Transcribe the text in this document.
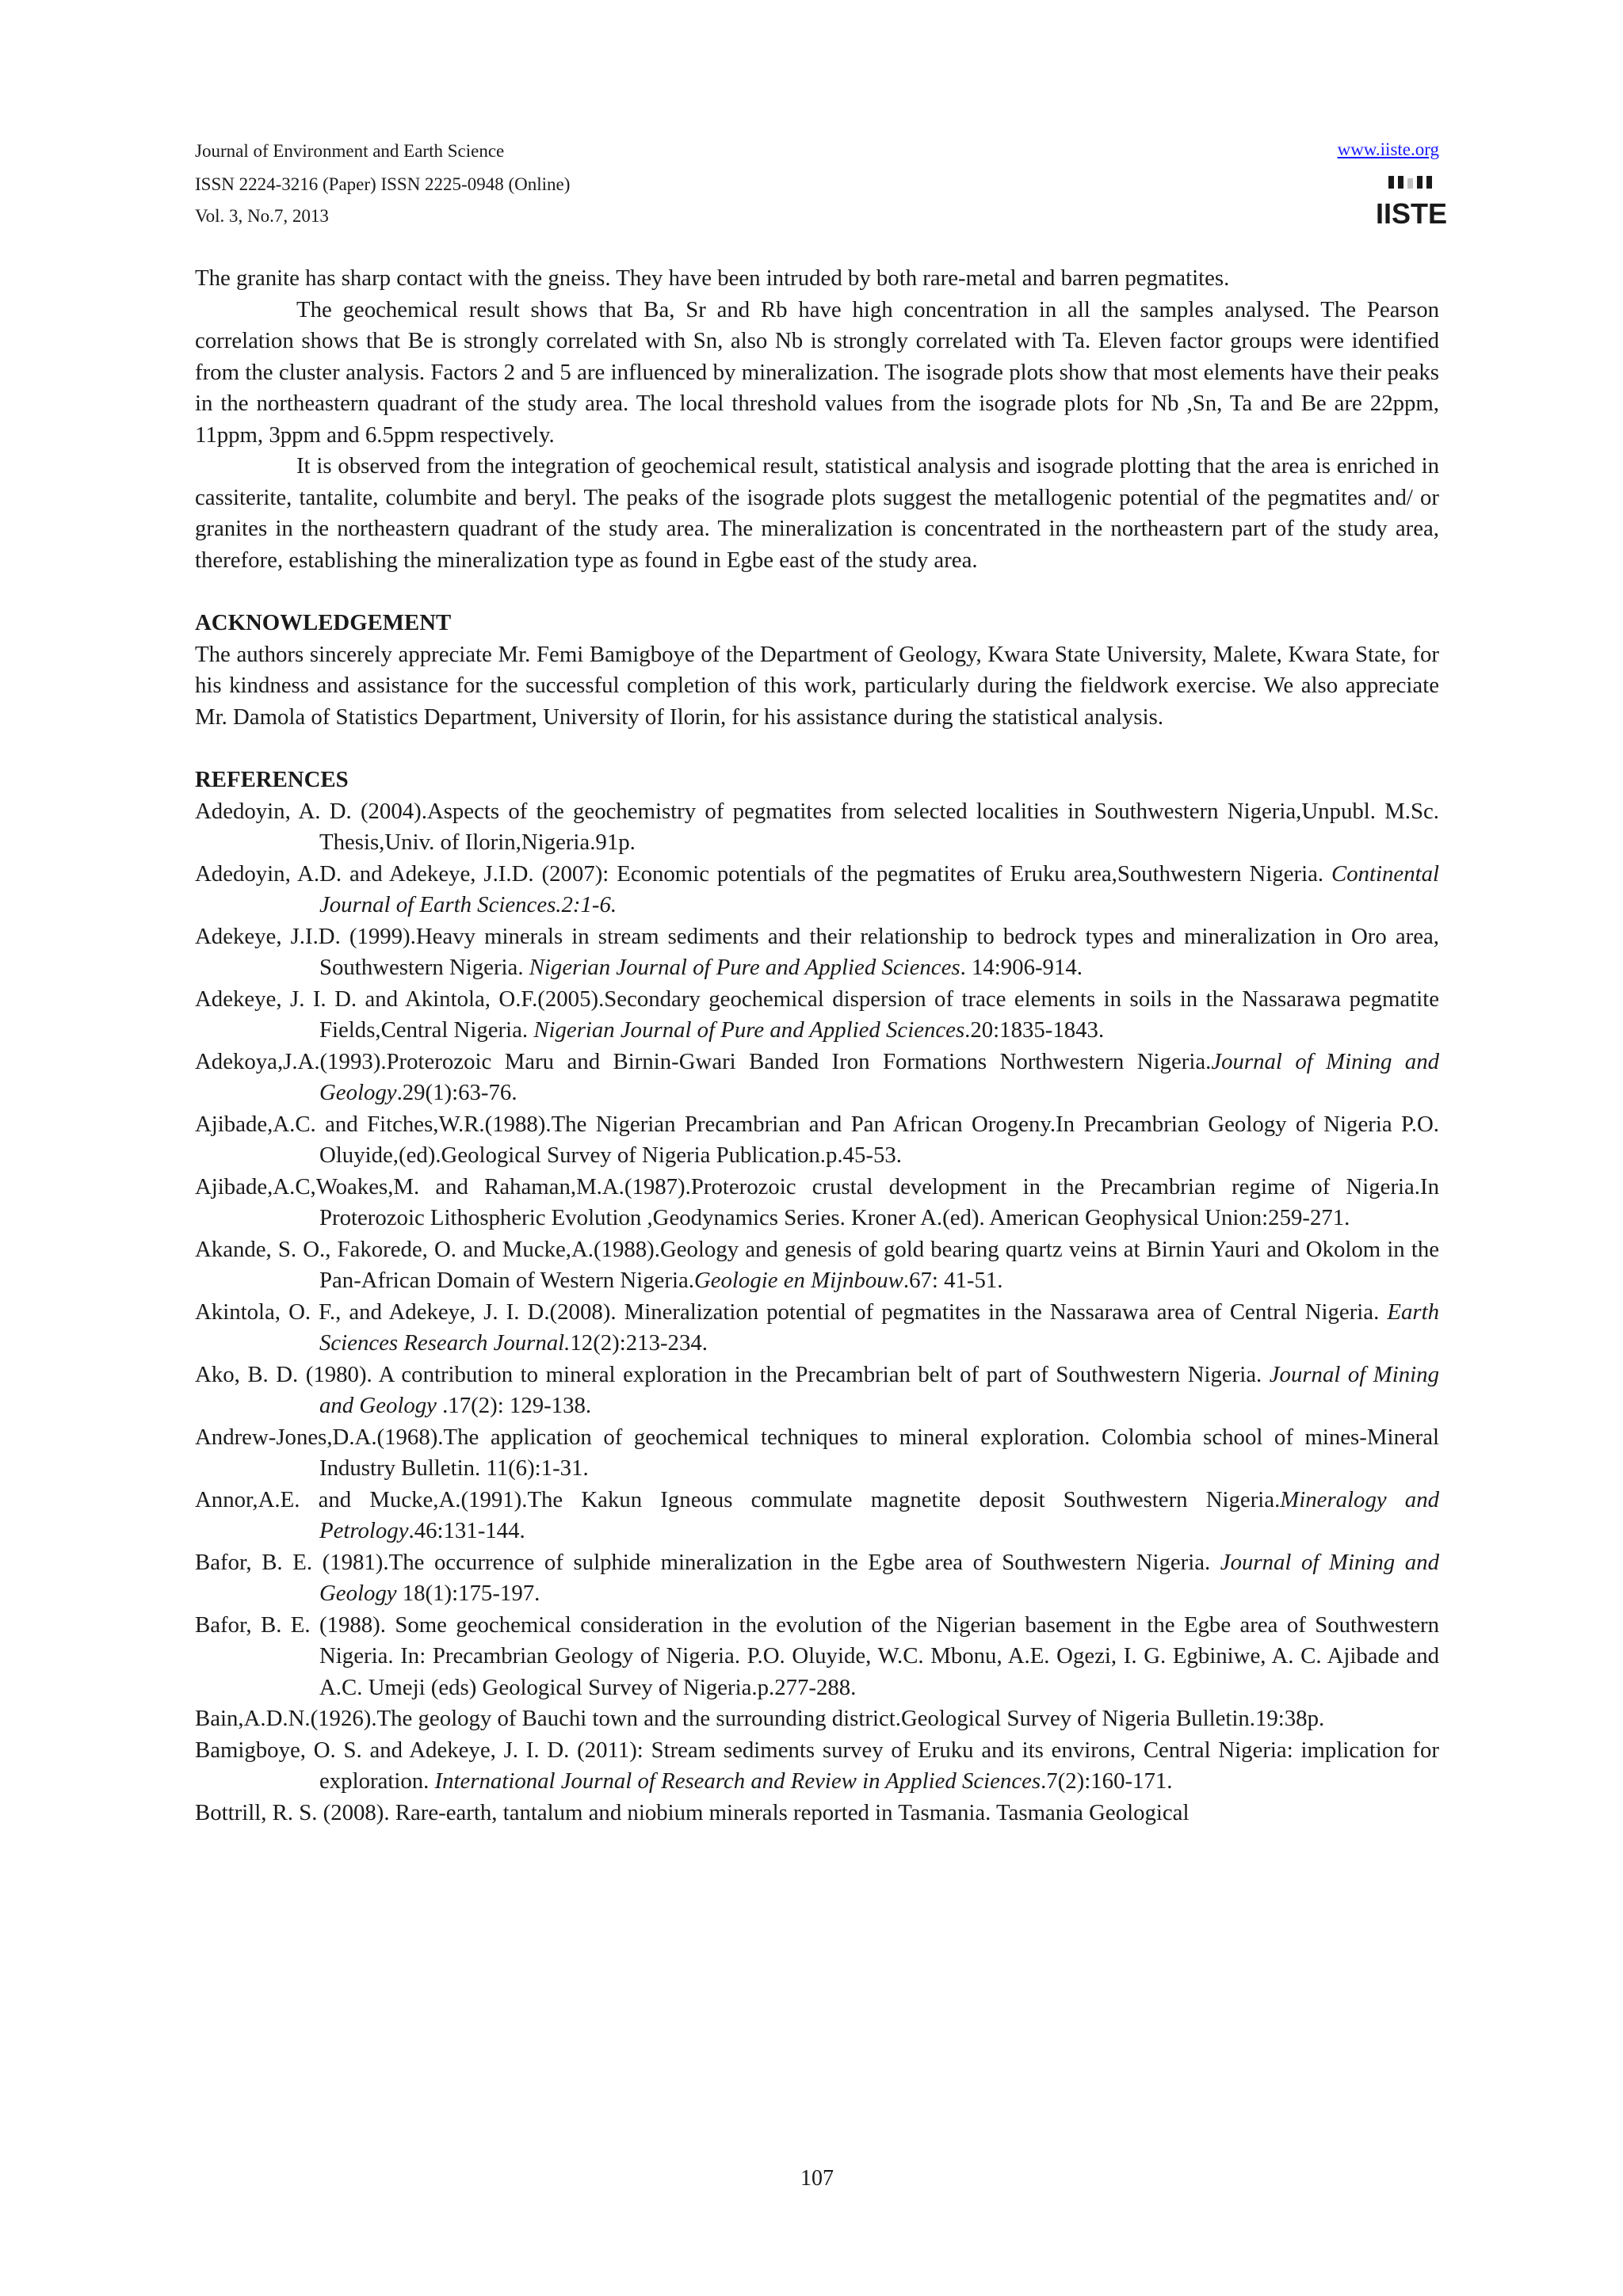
Journal of Environment and Earth Science
ISSN 2224-3216 (Paper) ISSN 2225-0948 (Online)
Vol. 3, No.7, 2013
www.iiste.org
IISTE

The granite has sharp contact with the gneiss. They have been intruded by both rare-metal and barren pegmatites.

The geochemical result shows that Ba, Sr and Rb have high concentration in all the samples analysed. The Pearson correlation shows that Be is strongly correlated with Sn, also Nb is strongly correlated with Ta. Eleven factor groups were identified from the cluster analysis. Factors 2 and 5 are influenced by mineralization. The isograde plots show that most elements have their peaks in the northeastern quadrant of the study area. The local threshold values from the isograde plots for Nb ,Sn, Ta and Be are 22ppm, 11ppm, 3ppm and 6.5ppm respectively.

It is observed from the integration of geochemical result, statistical analysis and isograde plotting that the area is enriched in cassiterite, tantalite, columbite and beryl. The peaks of the isograde plots suggest the metallogenic potential of the pegmatites and/ or granites in the northeastern quadrant of the study area. The mineralization is concentrated in the northeastern part of the study area, therefore, establishing the mineralization type as found in Egbe east of the study area.

ACKNOWLEDGEMENT

The authors sincerely appreciate Mr. Femi Bamigboye of the Department of Geology, Kwara State University, Malete, Kwara State, for his kindness and assistance for the successful completion of this work, particularly during the fieldwork exercise. We also appreciate Mr. Damola of Statistics Department, University of Ilorin, for his assistance during the statistical analysis.

REFERENCES

Adedoyin, A. D. (2004).Aspects of the geochemistry of pegmatites from selected localities in Southwestern Nigeria,Unpubl. M.Sc. Thesis,Univ. of Ilorin,Nigeria.91p.

Adedoyin, A.D. and Adekeye, J.I.D. (2007): Economic potentials of the pegmatites of Eruku area,Southwestern Nigeria. Continental Journal of Earth Sciences.2:1-6.

Adekeye, J.I.D. (1999).Heavy minerals in stream sediments and their relationship to bedrock types and mineralization in Oro area, Southwestern Nigeria. Nigerian Journal of Pure and Applied Sciences. 14:906-914.

Adekeye, J. I. D. and Akintola, O.F.(2005).Secondary geochemical dispersion of trace elements in soils in the Nassarawa pegmatite Fields,Central Nigeria. Nigerian Journal of Pure and Applied Sciences.20:1835-1843.

Adekoya,J.A.(1993).Proterozoic Maru and Birnin-Gwari Banded Iron Formations Northwestern Nigeria.Journal of Mining and Geology.29(1):63-76.

Ajibade,A.C. and Fitches,W.R.(1988).The Nigerian Precambrian and Pan African Orogeny.In Precambrian Geology of Nigeria P.O. Oluyide,(ed).Geological Survey of Nigeria Publication.p.45-53.

Ajibade,A.C,Woakes,M. and Rahaman,M.A.(1987).Proterozoic crustal development in the Precambrian regime of Nigeria.In Proterozoic Lithospheric Evolution ,Geodynamics Series. Kroner A.(ed). American Geophysical Union:259-271.

Akande, S. O., Fakorede, O. and Mucke,A.(1988).Geology and genesis of gold bearing quartz veins at Birnin Yauri and Okolom in the Pan-African Domain of Western Nigeria.Geologie en Mijnbouw.67: 41-51.

Akintola, O. F., and Adekeye, J. I. D.(2008). Mineralization potential of pegmatites in the Nassarawa area of Central Nigeria. Earth Sciences Research Journal.12(2):213-234.

Ako, B. D. (1980). A contribution to mineral exploration in the Precambrian belt of part of Southwestern Nigeria. Journal of Mining and Geology .17(2): 129-138.

Andrew-Jones,D.A.(1968).The application of geochemical techniques to mineral exploration. Colombia school of mines-Mineral Industry Bulletin. 11(6):1-31.

Annor,A.E. and Mucke,A.(1991).The Kakun Igneous commulate magnetite deposit Southwestern Nigeria.Mineralogy and Petrology.46:131-144.

Bafor, B. E. (1981).The occurrence of sulphide mineralization in the Egbe area of Southwestern Nigeria. Journal of Mining and Geology 18(1):175-197.

Bafor, B. E. (1988). Some geochemical consideration in the evolution of the Nigerian basement in the Egbe area of Southwestern Nigeria. In: Precambrian Geology of Nigeria. P.O. Oluyide, W.C. Mbonu, A.E. Ogezi, I. G. Egbiniwe, A. C. Ajibade and A.C. Umeji (eds) Geological Survey of Nigeria.p.277-288.

Bain,A.D.N.(1926).The geology of Bauchi town and the surrounding district.Geological Survey of Nigeria Bulletin.19:38p.

Bamigboye, O. S. and Adekeye, J. I. D. (2011): Stream sediments survey of Eruku and its environs, Central Nigeria: implication for exploration. International Journal of Research and Review in Applied Sciences.7(2):160-171.

Bottrill, R. S. (2008). Rare-earth, tantalum and niobium minerals reported in Tasmania. Tasmania Geological

107
